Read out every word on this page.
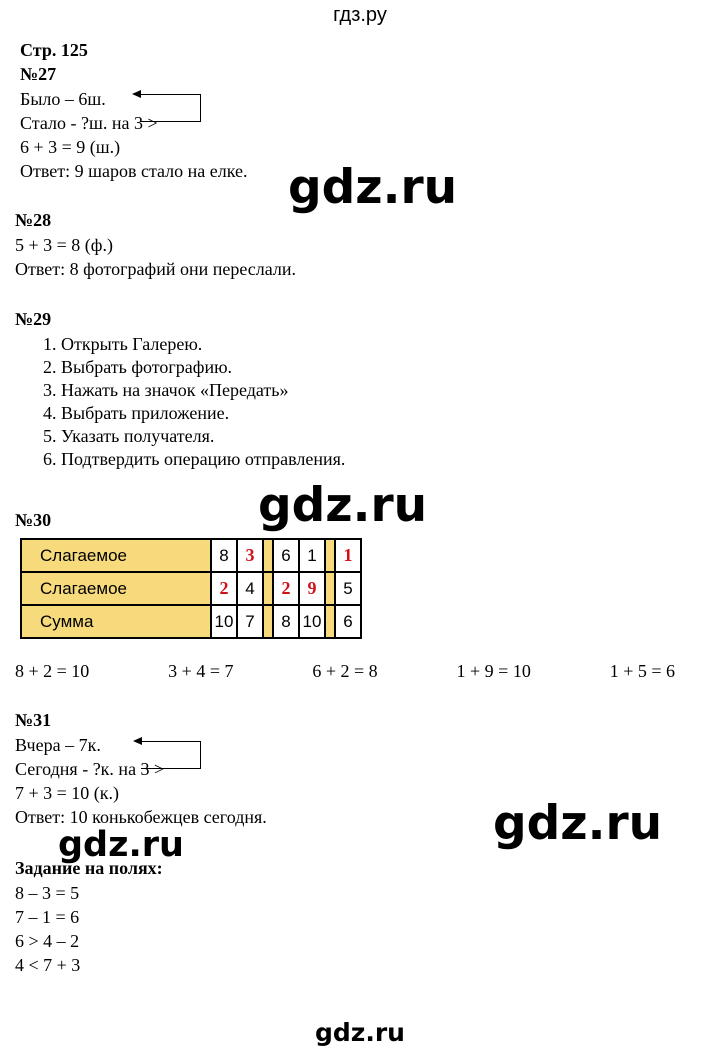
гдз.ру
Стр. 125
№27
Было – 6ш.
Стало - ?ш. на 3 >
6 + 3 = 9 (ш.)
Ответ: 9 шаров стало на елке. gdz.ru
№28
5 + 3 = 8 (ф.)
Ответ: 8 фотографий они переслали.
№29
1. Открыть Галерею.
2. Выбрать фотографию.
3. Нажать на значок «Передать»
4. Выбрать приложение.
5. Указать получателя.
6. Подтвердить операцию отправления.
gdz.ru
№30
Слагаемое	8	3		6	1		1
Слагаемое	2	4		2	9		5
Сумма	10	7		8	10		6
8 + 2 = 10	3 + 4 = 7	6 + 2 = 8	1 + 9 = 10	1 + 5 = 6
№31
Вчера – 7к.
Сегодня - ?к. на 3 >
7 + 3 = 10 (к.)
Ответ: 10 конькобежцев сегодня.	gdz.ru
gdz.ru
Задание на полях:
8 – 3 = 5
7 – 1 = 6
6 > 4 – 2
4 < 7 + 3
gdz.ru
